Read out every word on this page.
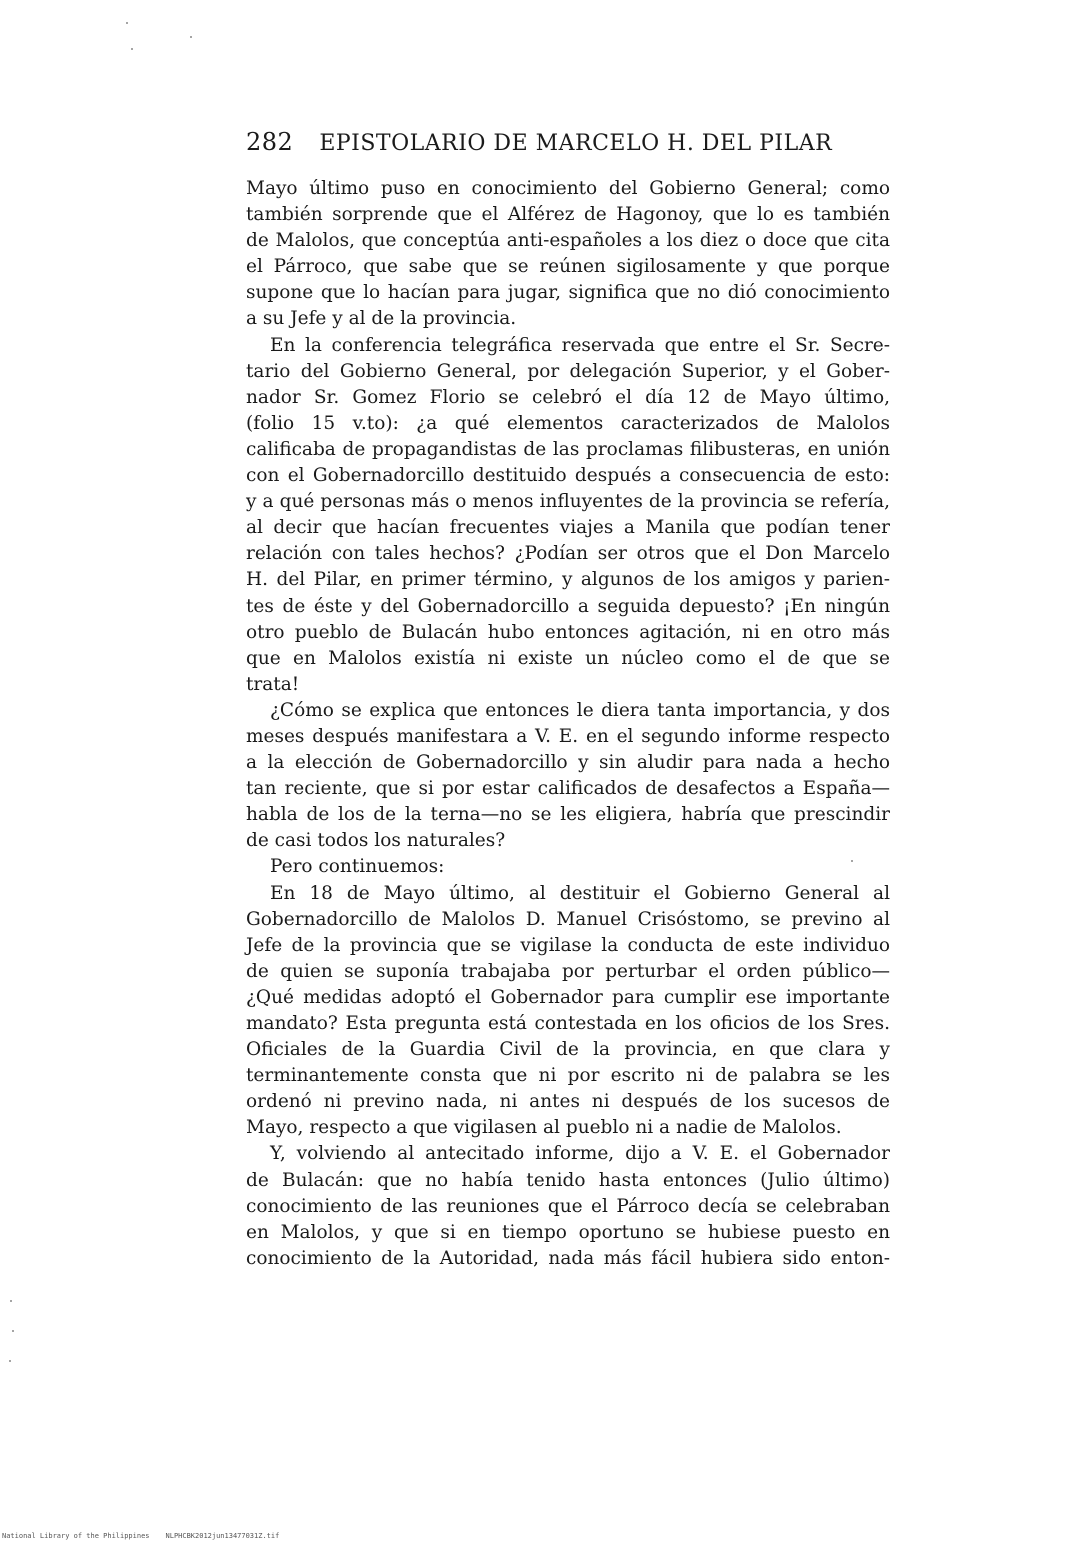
282 EPISTOLARIO DE MARCELO H. DEL PILAR
Mayo último puso en conocimiento del Gobierno General; como
también sorprende que el Alférez de Hagonoy, que lo es también
de Malolos, que conceptúa anti-españoles a los diez o doce que cita
el Párroco, que sabe que se reúnen sigilosamente y que porque
supone que lo hacían para jugar, significa que no dió conocimiento
a su Jefe y al de la provincia.
En la conferencia telegráfica reservada que entre el Sr. Secre-
tario del Gobierno General, por delegación Superior, y el Gober-
nador Sr. Gomez Florio se celebró el día 12 de Mayo último,
(folio 15 v.to): ¿a qué elementos caracterizados de Malolos
calificaba de propagandistas de las proclamas filibusteras, en unión
con el Gobernadorcillo destituido después a consecuencia de esto:
y a qué personas más o menos influyentes de la provincia se refería,
al decir que hacían frecuentes viajes a Manila que podían tener
relación con tales hechos? ¿Podían ser otros que el Don Marcelo
H. del Pilar, en primer término, y algunos de los amigos y parien-
tes de éste y del Gobernadorcillo a seguida depuesto? ¡En ningún
otro pueblo de Bulacán hubo entonces agitación, ni en otro más
que en Malolos existía ni existe un núcleo como el de que se
trata!
¿Cómo se explica que entonces le diera tanta importancia, y dos
meses después manifestara a V. E. en el segundo informe respecto
a la elección de Gobernadorcillo y sin aludir para nada a hecho
tan reciente, que si por estar calificados de desafectos a España—
habla de los de la terna—no se les eligiera, habría que prescindir
de casi todos los naturales?
Pero continuemos:
En 18 de Mayo último, al destituir el Gobierno General al
Gobernadorcillo de Malolos D. Manuel Crisóstomo, se previno al
Jefe de la provincia que se vigilase la conducta de este individuo
de quien se suponía trabajaba por perturbar el orden público—
¿Qué medidas adoptó el Gobernador para cumplir ese importante
mandato? Esta pregunta está contestada en los oficios de los Sres.
Oficiales de la Guardia Civil de la provincia, en que clara y
terminantemente consta que ni por escrito ni de palabra se les
ordenó ni previno nada, ni antes ni después de los sucesos de
Mayo, respecto a que vigilasen al pueblo ni a nadie de Malolos.
Y, volviendo al antecitado informe, dijo a V. E. el Gobernador
de Bulacán: que no había tenido hasta entonces (Julio último)
conocimiento de las reuniones que el Párroco decía se celebraban
en Malolos, y que si en tiempo oportuno se hubiese puesto en
conocimiento de la Autoridad, nada más fácil hubiera sido enton-
National Library of the Philippines NLPHCBK2012jun13477031Z.tif
